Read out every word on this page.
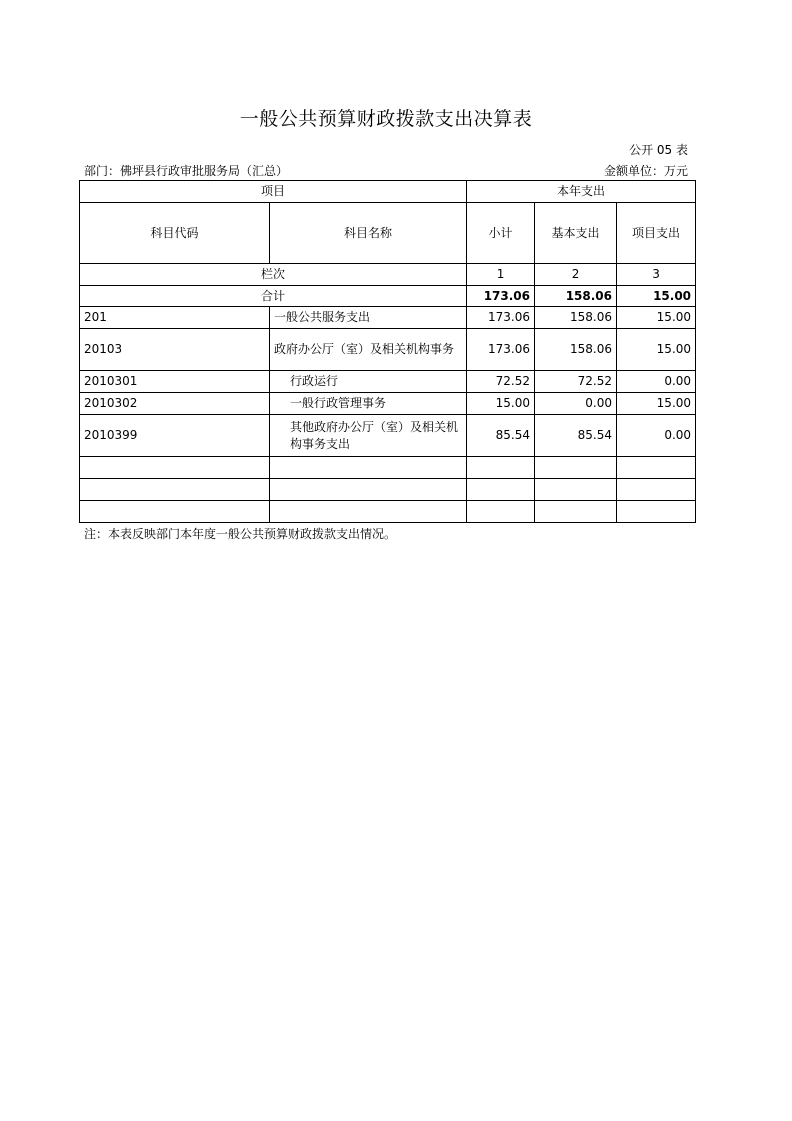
一般公共预算财政拨款支出决算表
公开 05 表
部门：佛坪县行政审批服务局（汇总）	金额单位：万元
项目		本年支出		
科目代码	科目名称	小计	基本支出	项目支出
栏次		1	2	3
合计		173.06	158.06	15.00
201	一般公共服务支出	173.06	158.06	15.00
20103	政府办公厅（室）及相关机构事务	173.06	158.06	15.00
2010301	行政运行	72.52	72.52	0.00
2010302	一般行政管理事务	15.00	0.00	15.00
2010399	其他政府办公厅（室）及相关机构事务支出	85.54	85.54	0.00

注：本表反映部门本年度一般公共预算财政拨款支出情况。
